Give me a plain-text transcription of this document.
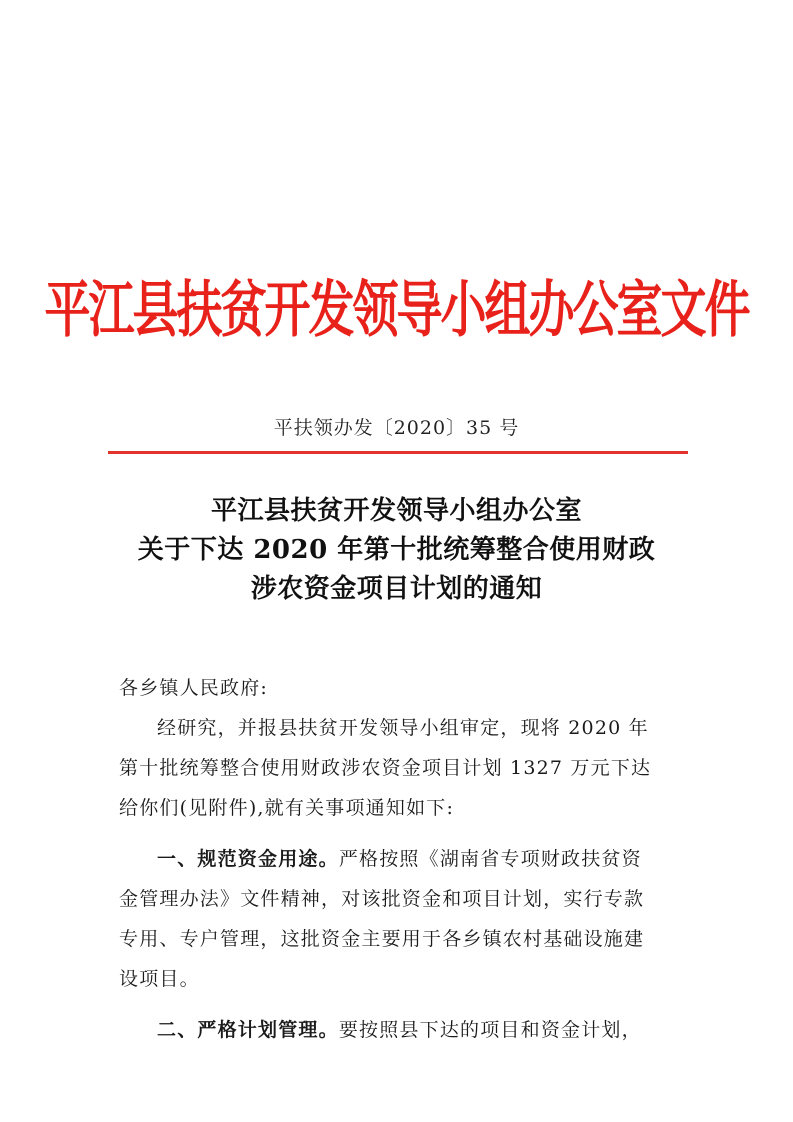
平江县扶贫开发领导小组办公室文件
平扶领办发〔2020〕35 号
平江县扶贫开发领导小组办公室
关于下达 2020 年第十批统筹整合使用财政
涉农资金项目计划的通知

各乡镇人民政府:

经研究，并报县扶贫开发领导小组审定，现将 2020 年

第十批统筹整合使用财政涉农资金项目计划 1327 万元下达

给你们(见附件),就有关事项通知如下:

一、规范资金用途。严格按照《湖南省专项财政扶贫资

金管理办法》文件精神，对该批资金和项目计划，实行专款

专用、专户管理，这批资金主要用于各乡镇农村基础设施建

设项目。

二、严格计划管理。要按照县下达的项目和资金计划，
